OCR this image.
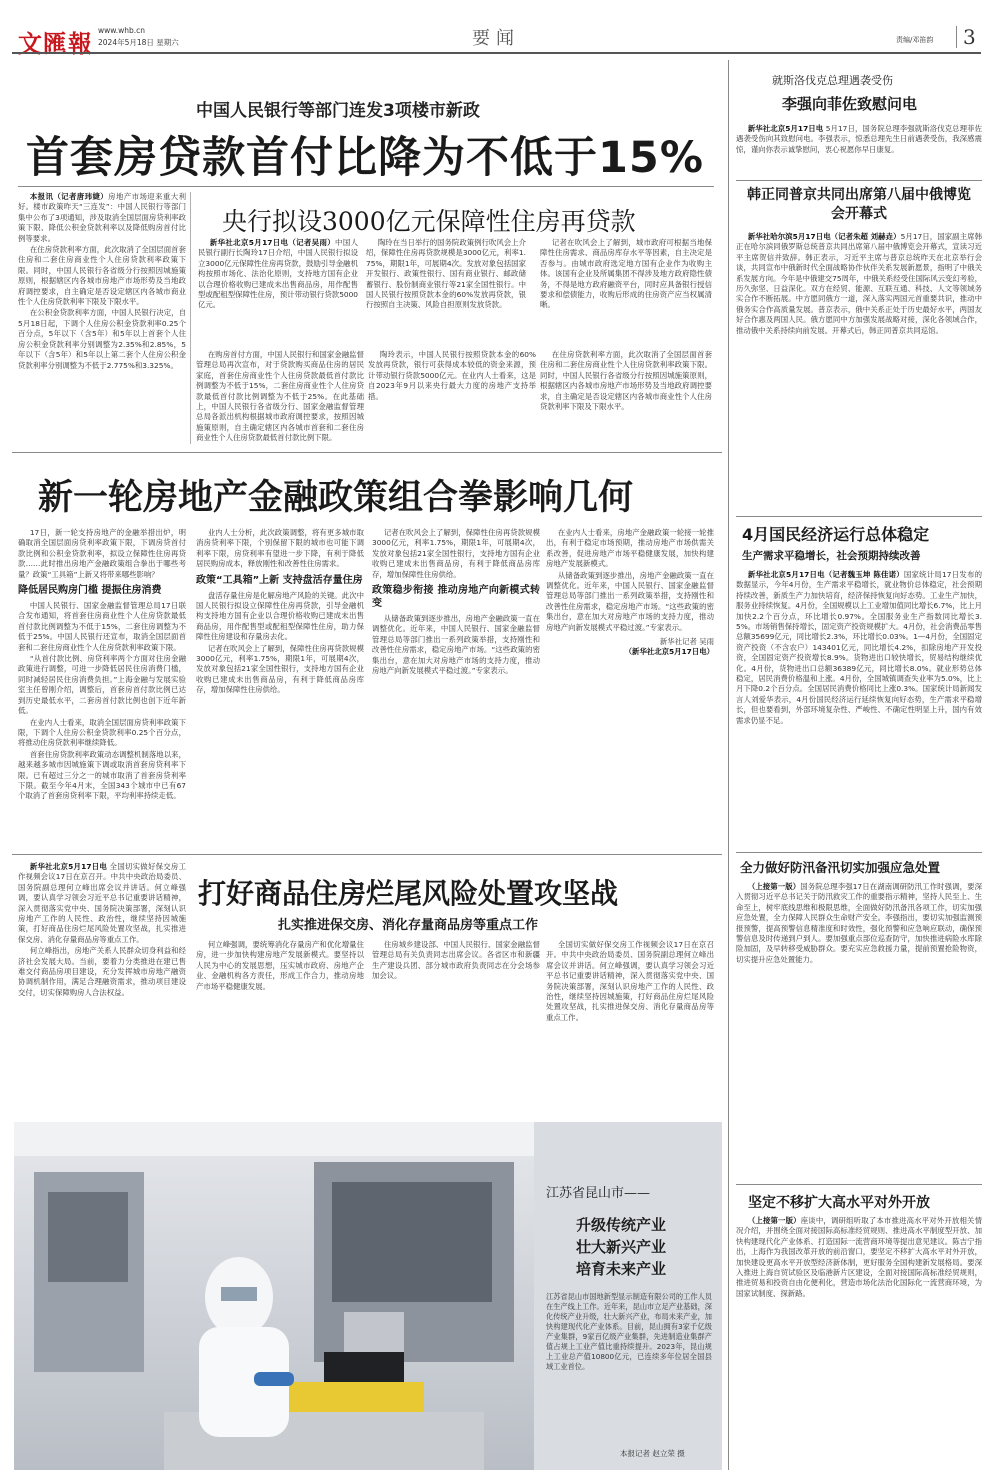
文匯報 www.whb.cn
2024年5月18日 星期六	要闻	责编/邓笛韵	3
中国人民银行等部门连发3项楼市新政
首套房贷款首付比降为不低于15%

本报讯（记者唐玮婕）房地产市场迎来重大利好。楼市政策昨天“三连发”：中国人民银行等部门集中公布了3项通知，涉及取消全国层面房贷利率政策下限、降低公积金贷款利率以及降低购房首付比例等要求。

在住房贷款利率方面，此次取消了全国层面首套住房和二套住房商业性个人住房贷款利率政策下限。同时，中国人民银行各省级分行按照因城施策原则，根据辖区内各城市房地产市场形势及当地政府调控要求，自主确定是否设定辖区内各城市商业性个人住房贷款利率下限及下限水平。

在公积金贷款利率方面，中国人民银行决定，自5月18日起，下调个人住房公积金贷款利率0.25个百分点，5年以下（含5年）和5年以上首套个人住房公积金贷款利率分别调整为2.35%和2.85%，5年以下（含5年）和5年以上第二套个人住房公积金贷款利率分别调整为不低于2.775%和3.325%。

央行拟设3000亿元保障性住房再贷款

新华社北京5月17日电（记者吴雨）中国人民银行副行长陶玲17日介绍，中国人民银行拟设立3000亿元保障性住房再贷款，鼓励引导金融机构按照市场化、法治化原则，支持地方国有企业以合理价格收购已建成未出售商品房，用作配售型或配租型保障性住房，预计带动银行贷款5000亿元。

陶玲在当日举行的国务院政策例行吹风会上介绍，保障性住房再贷款规模是3000亿元，利率1.75%，期限1年，可展期4次。发放对象包括国家开发银行、政策性银行、国有商业银行、邮政储蓄银行、股份制商业银行等21家全国性银行。中国人民银行按照贷款本金的60%发放再贷款，银行按照自主决策、风险自担原则发放贷款。

记者在吹风会上了解到，城市政府可根据当地保障性住房需求、商品房库存水平等因素，自主决定是否参与。由城市政府选定地方国有企业作为收购主体。该国有企业及所属集团不得涉及地方政府隐性债务，不得是地方政府融资平台，同时应具备银行授信要求和偿债能力，收购后形成的住房资产应当权属清晰。

在购房首付方面，中国人民银行和国家金融监督管理总局再次宣布，对于贷款购买商品住房的居民家庭，首套住房商业性个人住房贷款最低首付款比例调整为不低于15%，二套住房商业性个人住房贷款最低首付款比例调整为不低于25%。在此基础上，中国人民银行各省级分行、国家金融监督管理总局各派出机构根据城市政府调控要求，按照因城施策原则，自主确定辖区内各城市首套和二套住房商业性个人住房贷款最低首付款比例下限。

陶玲表示，中国人民银行按照贷款本金的60%发放再贷款，银行可获得成本较低的资金来源，预计带动银行贷款5000亿元。在业内人士看来，这是自2023年9月以来央行最大力度的房地产支持举措。

在住房贷款利率方面，此次取消了全国层面首套住房和二套住房商业性个人住房贷款利率政策下限。同时，中国人民银行各省级分行按照因城施策原则，根据辖区内各城市房地产市场形势及当地政府调控要求，自主确定是否设定辖区内各城市商业性个人住房贷款利率下限及下限水平。

新一轮房地产金融政策组合拳影响几何

17日，新一轮支持房地产的金融举措出炉，明确取消全国层面房贷利率政策下限，下调房贷首付款比例和公积金贷款利率，拟设立保障性住房再贷款……此时推出房地产金融政策组合拳出于哪些考量？政策“工具箱”上新又将带来哪些影响？

降低居民购房门槛 提振住房消费

中国人民银行、国家金融监督管理总局17日联合发布通知，将首套住房商业性个人住房贷款最低首付款比例调整为不低于15%，二套住房调整为不低于25%。中国人民银行还宣布，取消全国层面首套和二套住房商业性个人住房贷款利率政策下限。

“从首付款比例、房贷利率两个方面对住房金融政策进行调整，可进一步降低居民住房消费门槛，同时减轻居民住房消费负担。”上海金融与发展实验室主任曾刚介绍，调整后，首套房首付款比例已达到历史最低水平，二套房首付款比例也创下近年新低。

在业内人士看来，取消全国层面房贷利率政策下限，下调个人住房公积金贷款利率0.25个百分点，将推动住房贷款利率继续降低。

首套住房贷款利率政策动态调整机制落地以来，越来越多城市因城施策下调或取消首套房贷利率下限。已有超过三分之一的城市取消了首套房贷利率下限。截至今年4月末，全国343个城市中已有67个取消了首套房贷利率下限，平均利率持续走低。

业内人士分析，此次政策调整，将有更多城市取消房贷利率下限，个别保留下限的城市也可能下调利率下限，房贷利率有望进一步下降，有利于降低居民购房成本，释放刚性和改善性住房需求。

政策“工具箱”上新 支持盘活存量住房

盘活存量住房是化解房地产风险的关键。此次中国人民银行拟设立保障性住房再贷款，引导金融机构支持地方国有企业以合理价格收购已建成未出售商品房，用作配售型或配租型保障性住房，助力保障性住房建设和存量房去化。

记者在吹风会上了解到，保障性住房再贷款规模3000亿元，利率1.75%，期限1年，可展期4次，发放对象包括21家全国性银行，支持地方国有企业收购已建成未出售商品房，有利于降低商品房库存，增加保障性住房供给。

记者在吹风会上了解到，保障性住房再贷款规模3000亿元，利率1.75%，期限1年，可展期4次，发放对象包括21家全国性银行，支持地方国有企业收购已建成未出售商品房，有利于降低商品房库存，增加保障性住房供给。

政策稳步衔接 推动房地产向新模式转变

从储备政策到逐步推出，房地产金融政策一直在调整优化。近年来，中国人民银行、国家金融监督管理总局等部门推出一系列政策举措，支持刚性和改善性住房需求，稳定房地产市场。“这些政策的密集出台，意在加大对房地产市场的支持力度，推动房地产向新发展模式平稳过渡。”专家表示。

在业内人士看来，房地产金融政策一轮接一轮推出，有利于稳定市场预期，推动房地产市场供需关系改善，促进房地产市场平稳健康发展，加快构建房地产发展新模式。

从储备政策到逐步推出，房地产金融政策一直在调整优化。近年来，中国人民银行、国家金融监督管理总局等部门推出一系列政策举措，支持刚性和改善性住房需求，稳定房地产市场。“这些政策的密集出台，意在加大对房地产市场的支持力度，推动房地产向新发展模式平稳过渡。”专家表示。

新华社记者 吴雨
（新华社北京5月17日电）

新华社北京5月17日电 全国切实做好保交房工作视频会议17日在京召开。中共中央政治局委员、国务院副总理何立峰出席会议并讲话。何立峰强调，要认真学习领会习近平总书记重要讲话精神，深入贯彻落实党中央、国务院决策部署，深刻认识房地产工作的人民性、政治性，继续坚持因城施策，打好商品住房烂尾风险处置攻坚战，扎实推进保交房、消化存量商品房等重点工作。

何立峰指出，房地产关系人民群众切身利益和经济社会发展大局。当前，要着力分类推进在建已售难交付商品房项目建设，充分发挥城市房地产融资协调机制作用，满足合理融资需求，推动项目建设交付，切实保障购房人合法权益。

打好商品住房烂尾风险处置攻坚战
扎实推进保交房、消化存量商品房等重点工作

何立峰强调，要统筹消化存量房产和优化增量住房，进一步加快构建房地产发展新模式。要坚持以人民为中心的发展思想，压实城市政府、房地产企业、金融机构各方责任，形成工作合力，推动房地产市场平稳健康发展。

住房城乡建设部、中国人民银行、国家金融监督管理总局有关负责同志出席会议。各省区市和新疆生产建设兵团、部分城市政府负责同志在分会场参加会议。

全国切实做好保交房工作视频会议17日在京召开。中共中央政治局委员、国务院副总理何立峰出席会议并讲话。何立峰强调，要认真学习领会习近平总书记重要讲话精神，深入贯彻落实党中央、国务院决策部署，深刻认识房地产工作的人民性、政治性，继续坚持因城施策，打好商品住房烂尾风险处置攻坚战，扎实推进保交房、消化存量商品房等重点工作。

江苏省昆山市——
升级传统产业
壮大新兴产业
培育未来产业
江苏省昆山市国地新型显示制造有限公司的工作人员在生产线上工作。近年来，昆山市立足产业基础，深化传统产业升级，壮大新兴产业，布局未来产业，加快构建现代化产业体系。目前，昆山拥有3家千亿级产业集群，9家百亿级产业集群，先进制造业集群产值占规上工业产值比重持续提升。2023年，昆山规上工业总产值10800亿元，已连续多年位居全国县域工业首位。
本报记者 赵立荣 摄
就斯洛伐克总理遇袭受伤
李强向菲佐致慰问电

新华社北京5月17日电 5月17日，国务院总理李强就斯洛伐克总理菲佐遇袭受伤向其致慰问电。李强表示，惊悉总理先生日前遇袭受伤，我深感震惊，谨向你表示诚挚慰问，衷心祝愿你早日康复。

韩正同普京共同出席第八届中俄博览会开幕式

新华社哈尔滨5月17日电（记者朱超 刘赫垚）5月17日，国家副主席韩正在哈尔滨同俄罗斯总统普京共同出席第八届中俄博览会开幕式，宣读习近平主席贺信并致辞。韩正表示，习近平主席与普京总统昨天在北京举行会谈，共同宣布中俄新时代全面战略协作伙伴关系发展新愿景，指明了中俄关系发展方向。今年是中俄建交75周年，中俄关系经受住国际风云变幻考验，历久弥坚、日益深化。双方在经贸、能源、互联互通、科技、人文等领域务实合作不断拓展。中方愿同俄方一道，深入落实两国元首重要共识，推动中俄务实合作高质量发展。普京表示，俄中关系正处于历史最好水平，两国友好合作惠及两国人民。俄方愿同中方加强发展战略对接，深化各领域合作，推动俄中关系持续向前发展。开幕式后，韩正同普京共同巡馆。

4月国民经济运行总体稳定
生产需求平稳增长，社会预期持续改善

新华社北京5月17日电（记者魏玉坤 陈佳诺）国家统计局17日发布的数据显示，今年4月份，生产需求平稳增长，就业物价总体稳定，社会预期持续改善，新质生产力加快培育，经济保持恢复向好态势。工业生产加快，服务业持续恢复。4月份，全国规模以上工业增加值同比增长6.7%，比上月加快2.2个百分点，环比增长0.97%。全国服务业生产指数同比增长3.5%。市场销售保持增长，固定资产投资规模扩大。4月份，社会消费品零售总额35699亿元，同比增长2.3%，环比增长0.03%。1—4月份，全国固定资产投资（不含农户）143401亿元，同比增长4.2%，扣除房地产开发投资，全国固定资产投资增长8.9%。货物进出口较快增长，贸易结构继续优化。4月份，货物进出口总额36389亿元，同比增长8.0%。就业形势总体稳定，居民消费价格温和上涨。4月份，全国城镇调查失业率为5.0%，比上月下降0.2个百分点。全国居民消费价格同比上涨0.3%。国家统计局新闻发言人刘爱华表示，4月份国民经济运行延续恢复向好态势，生产需求平稳增长，但也要看到，外部环境复杂性、严峻性、不确定性明显上升，国内有效需求仍显不足。

全力做好防汛备汛切实加强应急处置

（上接第一版）国务院总理李强17日在湖南调研防汛工作时强调，要深入贯彻习近平总书记关于防汛救灾工作的重要指示精神，坚持人民至上、生命至上，树牢底线思维和极限思维，全面做好防汛备汛各项工作，切实加强应急处置，全力保障人民群众生命财产安全。李强指出，要切实加强监测预报预警，提高预警信息精准度和时效性，强化预警和应急响应联动，确保预警信息及时传递到户到人。要加强重点部位巡查防守，加快推进病险水库除险加固，及早转移受威胁群众。要充实应急救援力量，提前预置抢险物资，切实提升应急处置能力。

坚定不移扩大高水平对外开放

（上接第一版）座谈中，调研组听取了本市推进高水平对外开放相关情况介绍，并围绕全面对接国际高标准经贸规则、推进高水平制度型开放、加快构建现代化产业体系、打造国际一流营商环境等提出意见建议。陈吉宁指出，上海作为我国改革开放的前沿窗口，要坚定不移扩大高水平对外开放，加快建设更高水平开放型经济新体制，更好服务全国构建新发展格局。要深入推进上海自贸试验区及临港新片区建设，全面对接国际高标准经贸规则，推进贸易和投资自由化便利化，营造市场化法治化国际化一流营商环境，为国家试制度、探新路。
